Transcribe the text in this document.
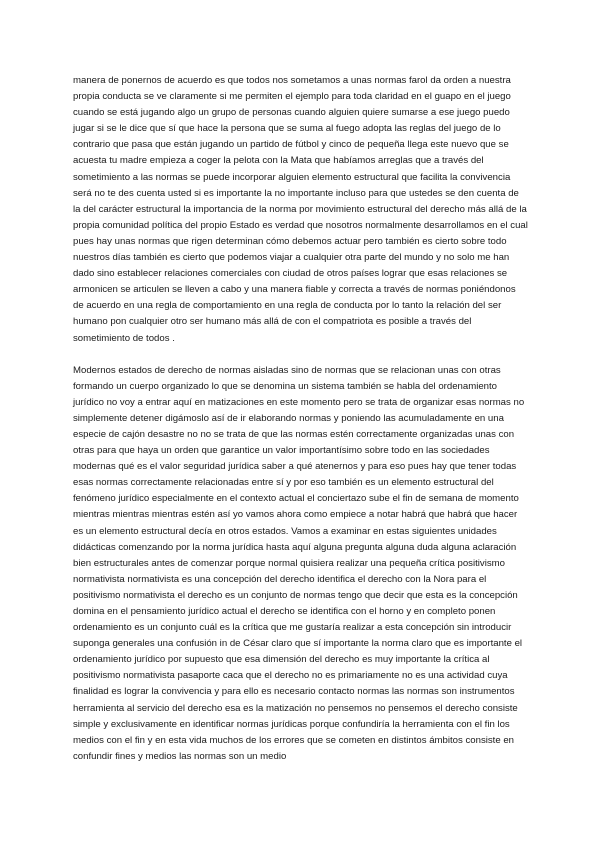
manera de ponernos de acuerdo es que todos nos sometamos a unas normas farol da orden a nuestra propia conducta se ve claramente si me permiten el ejemplo para toda claridad en el guapo en el juego cuando se está jugando algo un grupo de personas cuando alguien quiere sumarse a ese juego puedo jugar si se le dice que sí que hace la persona que se suma al fuego adopta las reglas del juego de lo contrario que pasa que están jugando un partido de fútbol y cinco de pequeña llega este nuevo que se acuesta tu madre empieza a coger la pelota con la Mata que habíamos arreglas que a través del sometimiento a las normas se puede incorporar alguien elemento estructural que facilita la convivencia será no te des cuenta usted si es importante la no importante incluso para que ustedes se den cuenta de la del carácter estructural la importancia de la norma por movimiento estructural del derecho más allá de la propia comunidad política del propio Estado es verdad que nosotros normalmente desarrollamos en el cual pues hay unas normas que rigen determinan cómo debemos actuar pero también es cierto sobre todo nuestros días también es cierto que podemos viajar a cualquier otra parte del mundo y no solo me han dado sino establecer relaciones comerciales con ciudad de otros países lograr que esas relaciones se armonicen se articulen se lleven a cabo y una manera fiable y correcta a través de normas poniéndonos de acuerdo en una regla de comportamiento en una regla de conducta por lo tanto la relación del ser humano pon cualquier otro ser humano más allá de con el compatriota es posible a través del sometimiento de todos .

Modernos estados de derecho de normas aisladas sino de normas que se relacionan unas con otras formando un cuerpo organizado lo que se denomina un sistema también se habla del ordenamiento jurídico no voy a entrar aquí en matizaciones en este momento pero se trata de organizar esas normas no simplemente detener digámoslo así de ir elaborando normas y poniendo las acumuladamente en una especie de cajón desastre no no se trata de que las normas estén correctamente organizadas unas con otras para que haya un orden que garantice un valor importantísimo sobre todo en las sociedades modernas qué es el valor seguridad jurídica saber a qué atenernos y para eso pues hay que tener todas esas normas correctamente relacionadas entre sí y por eso también es un elemento estructural del fenómeno jurídico especialmente en el contexto actual el conciertazo sube el fin de semana de momento mientras mientras mientras estén así yo vamos ahora como empiece a notar habrá que habrá que hacer es un elemento estructural decía en otros estados. Vamos a examinar en estas siguientes unidades didácticas comenzando por la norma jurídica hasta aquí alguna pregunta alguna duda alguna aclaración bien estructurales antes de comenzar porque normal quisiera realizar una pequeña crítica positivismo normativista normativista es una concepción del derecho identifica el derecho con la Nora para el positivismo normativista el derecho es un conjunto de normas tengo que decir que esta es la concepción domina en el pensamiento jurídico actual el derecho se identifica con el horno y en completo ponen ordenamiento es un conjunto cuál es la crítica que me gustaría realizar a esta concepción sin introducir suponga generales una confusión in de César claro que sí importante la norma claro que es importante el ordenamiento jurídico por supuesto que esa dimensión del derecho es muy importante la crítica al positivismo normativista pasaporte caca que el derecho no es primariamente no es una actividad cuya finalidad es lograr la convivencia y para ello es necesario contacto normas las normas son instrumentos herramienta al servicio del derecho esa es la matización no pensemos no pensemos el derecho consiste simple y exclusivamente en identificar normas jurídicas porque confundiría la herramienta con el fin los medios con el fin y en esta vida muchos de los errores que se cometen en distintos ámbitos consiste en confundir fines y medios las normas son un medio
